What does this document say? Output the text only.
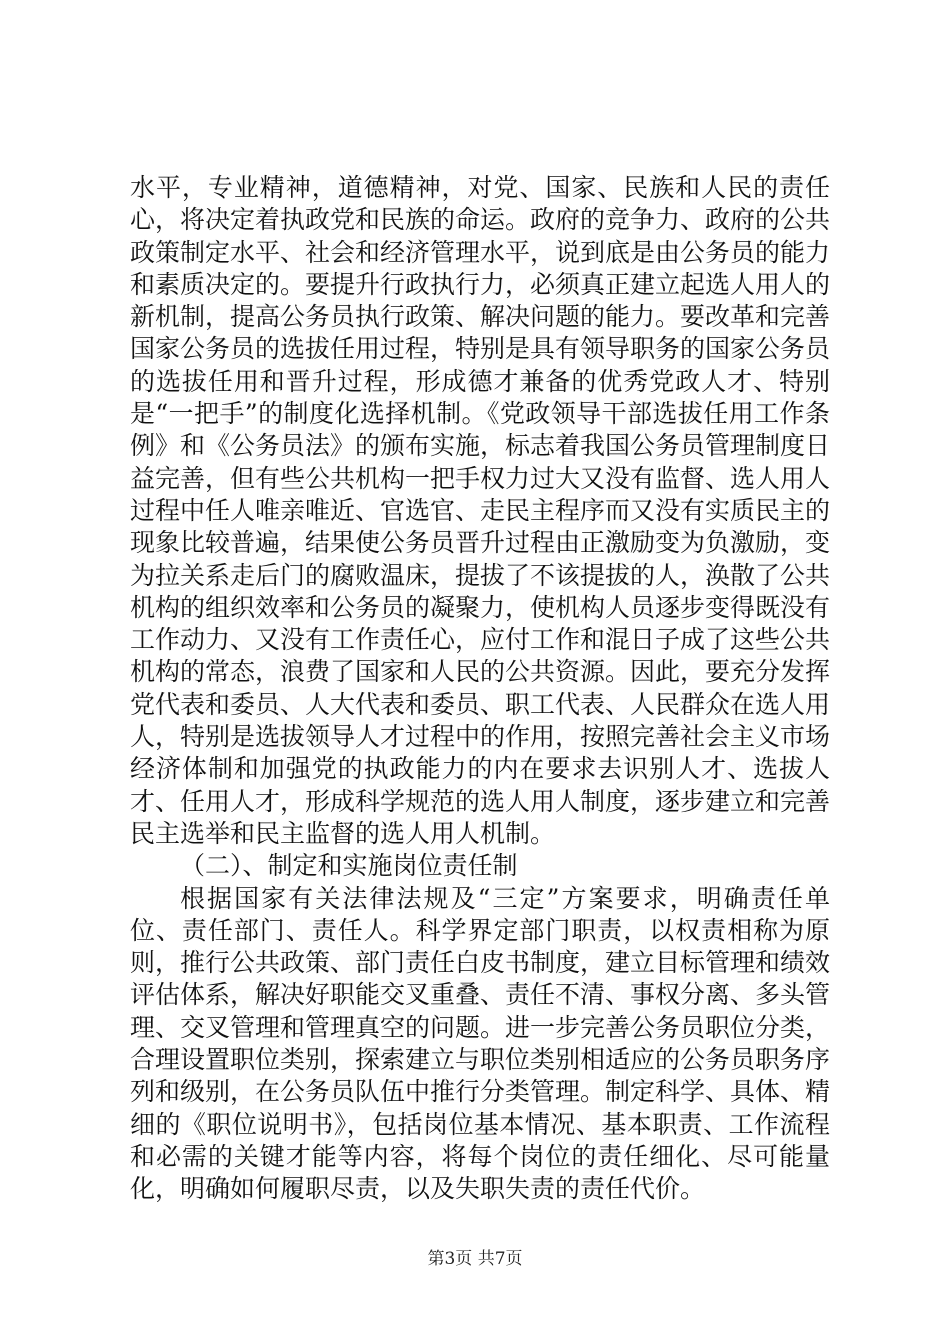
水平，专业精神，道德精神，对党、国家、民族和人民的责任心，将决定着执政党和民族的命运。政府的竞争力、政府的公共政策制定水平、社会和经济管理水平，说到底是由公务员的能力和素质决定的。要提升行政执行力，必须真正建立起选人用人的新机制，提高公务员执行政策、解决问题的能力。要改革和完善国家公务员的选拔任用过程，特别是具有领导职务的国家公务员的选拔任用和晋升过程，形成德才兼备的优秀党政人才、特别是“一把手”的制度化选择机制。《党政领导干部选拔任用工作条例》和《公务员法》的颁布实施，标志着我国公务员管理制度日益完善，但有些公共机构一把手权力过大又没有监督、选人用人过程中任人唯亲唯近、官选官、走民主程序而又没有实质民主的现象比较普遍，结果使公务员晋升过程由正激励变为负激励，变为拉关系走后门的腐败温床，提拔了不该提拔的人，涣散了公共机构的组织效率和公务员的凝聚力，使机构人员逐步变得既没有工作动力、又没有工作责任心，应付工作和混日子成了这些公共机构的常态，浪费了国家和人民的公共资源。因此，要充分发挥党代表和委员、人大代表和委员、职工代表、人民群众在选人用人，特别是选拔领导人才过程中的作用，按照完善社会主义市场经济体制和加强党的执政能力的内在要求去识别人才、选拔人才、任用人才，形成科学规范的选人用人制度，逐步建立和完善民主选举和民主监督的选人用人机制。

（二）、制定和实施岗位责任制

根据国家有关法律法规及“三定”方案要求，明确责任单位、责任部门、责任人。科学界定部门职责，以权责相称为原则，推行公共政策、部门责任白皮书制度，建立目标管理和绩效评估体系，解决好职能交叉重叠、责任不清、事权分离、多头管理、交叉管理和管理真空的问题。进一步完善公务员职位分类，合理设置职位类别，探索建立与职位类别相适应的公务员职务序列和级别，在公务员队伍中推行分类管理。制定科学、具体、精细的《职位说明书》，包括岗位基本情况、基本职责、工作流程和必需的关键才能等内容，将每个岗位的责任细化、尽可能量化，明确如何履职尽责，以及失职失责的责任代价。

第3页 共7页
